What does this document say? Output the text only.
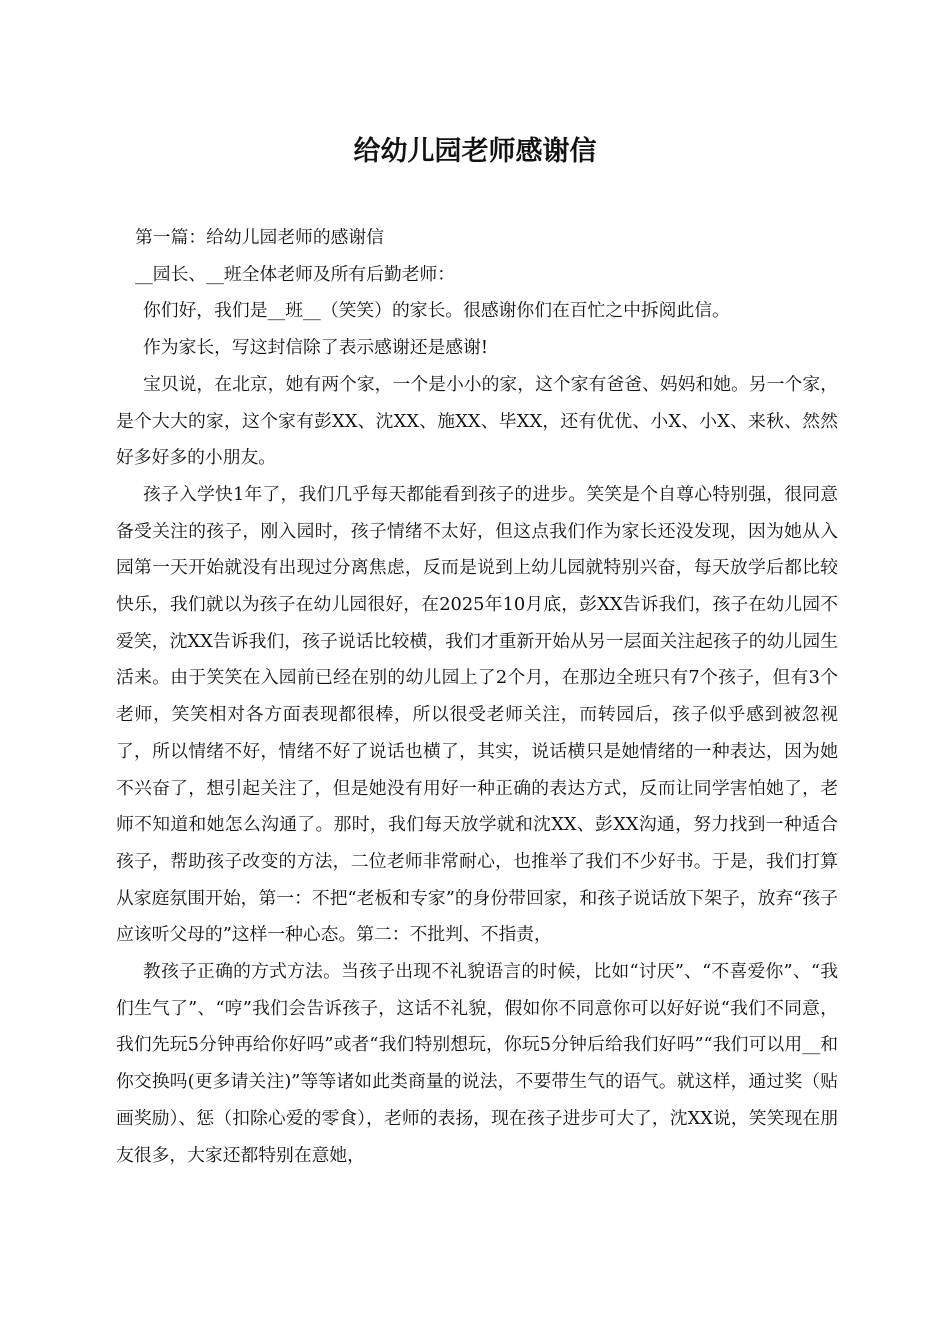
给幼儿园老师感谢信

第一篇：给幼儿园老师的感谢信

__园长、__班全体老师及所有后勤老师：

你们好，我们是__班__（笑笑）的家长。很感谢你们在百忙之中拆阅此信。

作为家长，写这封信除了表示感谢还是感谢!

宝贝说，在北京，她有两个家，一个是小小的家，这个家有爸爸、妈妈和她。另一个家，是个大大的家，这个家有彭XX、沈XX、施XX、毕XX，还有优优、小X、小X、来秋、然然好多好多的小朋友。

孩子入学快1年了，我们几乎每天都能看到孩子的进步。笑笑是个自尊心特别强，很同意备受关注的孩子，刚入园时，孩子情绪不太好，但这点我们作为家长还没发现，因为她从入园第一天开始就没有出现过分离焦虑，反而是说到上幼儿园就特别兴奋，每天放学后都比较快乐，我们就以为孩子在幼儿园很好，在2025年10月底，彭XX告诉我们，孩子在幼儿园不爱笑，沈XX告诉我们，孩子说话比较横，我们才重新开始从另一层面关注起孩子的幼儿园生活来。由于笑笑在入园前已经在别的幼儿园上了2个月，在那边全班只有7个孩子，但有3个老师，笑笑相对各方面表现都很棒，所以很受老师关注，而转园后，孩子似乎感到被忽视了，所以情绪不好，情绪不好了说话也横了，其实，说话横只是她情绪的一种表达，因为她不兴奋了，想引起关注了，但是她没有用好一种正确的表达方式，反而让同学害怕她了，老师不知道和她怎么沟通了。那时，我们每天放学就和沈XX、彭XX沟通，努力找到一种适合孩子，帮助孩子改变的方法，二位老师非常耐心，也推举了我们不少好书。于是，我们打算从家庭氛围开始，第一：不把“老板和专家”的身份带回家，和孩子说话放下架子，放弃“孩子应该听父母的”这样一种心态。第二：不批判、不指责，

教孩子正确的方式方法。当孩子出现不礼貌语言的时候，比如“讨厌”、“不喜爱你”、“我们生气了”、“哼”我们会告诉孩子，这话不礼貌，假如你不同意你可以好好说“我们不同意，我们先玩5分钟再给你好吗”或者“我们特别想玩，你玩5分钟后给我们好吗”“我们可以用__和你交换吗(更多请关注)”等等诸如此类商量的说法，不要带生气的语气。就这样，通过奖（贴画奖励）、惩（扣除心爱的零食），老师的表扬，现在孩子进步可大了，沈XX说，笑笑现在朋友很多，大家还都特别在意她，
